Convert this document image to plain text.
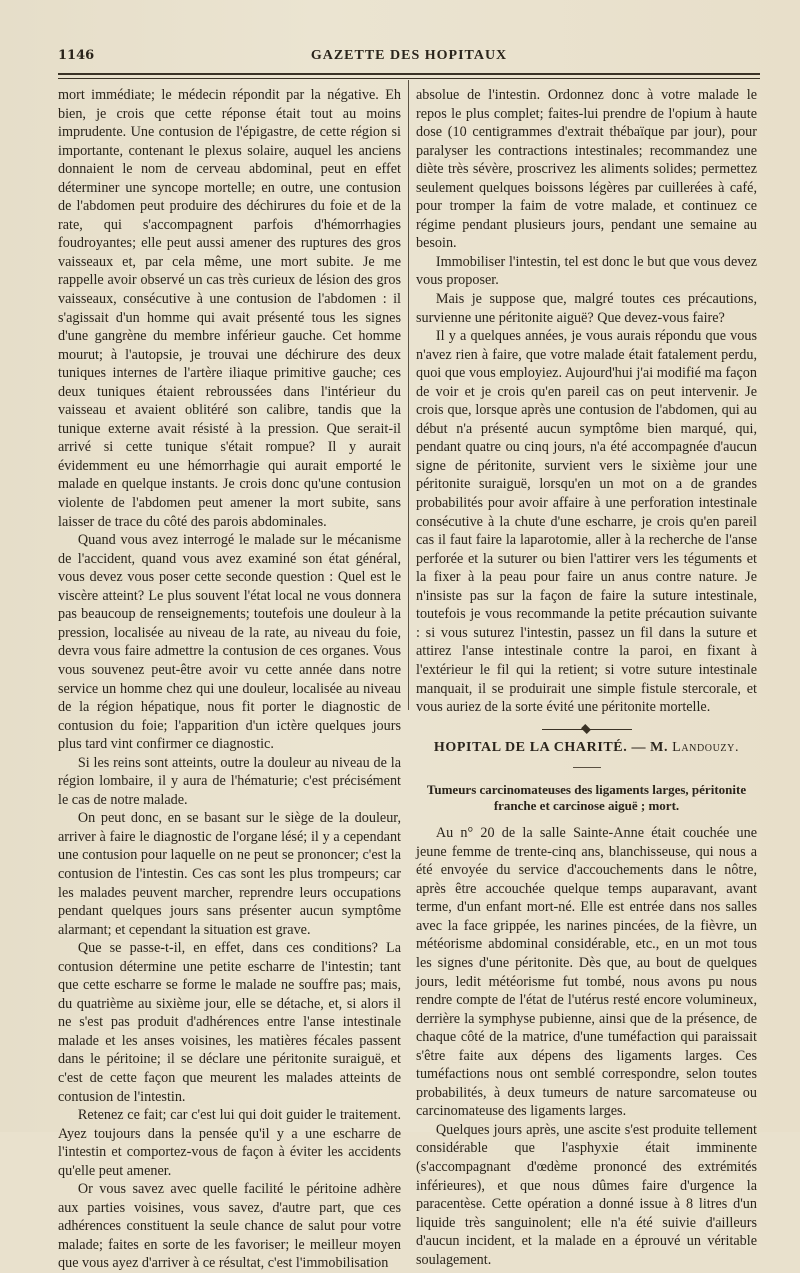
1146	GAZETTE DES HOPITAUX

mort immédiate; le médecin répondit par la négative. Eh bien, je crois que cette réponse était tout au moins imprudente. Une contusion de l'épigastre, de cette région si importante, contenant le plexus solaire, auquel les anciens donnaient le nom de cerveau abdominal, peut en effet déterminer une syncope mortelle; en outre, une contusion de l'abdomen peut produire des déchirures du foie et de la rate, qui s'accompagnent parfois d'hémorrhagies foudroyantes; elle peut aussi amener des ruptures des gros vaisseaux et, par cela même, une mort subite. Je me rappelle avoir observé un cas très curieux de lésion des gros vaisseaux, consécutive à une contusion de l'abdomen : il s'agissait d'un homme qui avait présenté tous les signes d'une gangrène du membre inférieur gauche. Cet homme mourut; à l'autopsie, je trouvai une déchirure des deux tuniques internes de l'artère iliaque primitive gauche; ces deux tuniques étaient rebroussées dans l'intérieur du vaisseau et avaient oblitéré son calibre, tandis que la tunique externe avait résisté à la pression. Que serait-il arrivé si cette tunique s'était rompue? Il y aurait évidemment eu une hémorrhagie qui aurait emporté le malade en quelque instants. Je crois donc qu'une contusion violente de l'abdomen peut amener la mort subite, sans laisser de trace du côté des parois abdominales.

Quand vous avez interrogé le malade sur le mécanisme de l'accident, quand vous avez examiné son état général, vous devez vous poser cette seconde question : Quel est le viscère atteint? Le plus souvent l'état local ne vous donnera pas beaucoup de renseignements; toutefois une douleur à la pression, localisée au niveau de la rate, au niveau du foie, devra vous faire admettre la contusion de ces organes. Vous vous souvenez peut-être avoir vu cette année dans notre service un homme chez qui une douleur, localisée au niveau de la région hépatique, nous fit porter le diagnostic de contusion du foie; l'apparition d'un ictère quelques jours plus tard vint confirmer ce diagnostic.

Si les reins sont atteints, outre la douleur au niveau de la région lombaire, il y aura de l'hématurie; c'est précisément le cas de notre malade.

On peut donc, en se basant sur le siège de la douleur, arriver à faire le diagnostic de l'organe lésé; il y a cependant une contusion pour laquelle on ne peut se prononcer; c'est la contusion de l'intestin. Ces cas sont les plus trompeurs; car les malades peuvent marcher, reprendre leurs occupations pendant quelques jours sans présenter aucun symptôme alarmant; et cependant la situation est grave.

Que se passe-t-il, en effet, dans ces conditions? La contusion détermine une petite escharre de l'intestin; tant que cette escharre se forme le malade ne souffre pas; mais, du quatrième au sixième jour, elle se détache, et, si alors il ne s'est pas produit d'adhérences entre l'anse intestinale malade et les anses voisines, les matières fécales passent dans le péritoine; il se déclare une péritonite suraiguë, et c'est de cette façon que meurent les malades atteints de contusion de l'intestin.

Retenez ce fait; car c'est lui qui doit guider le traitement. Ayez toujours dans la pensée qu'il y a une escharre de l'intestin et comportez-vous de façon à éviter les accidents qu'elle peut amener.

Or vous savez avec quelle facilité le péritoine adhère aux parties voisines, vous savez, d'autre part, que ces adhérences constituent la seule chance de salut pour votre malade; faites en sorte de les favoriser; le meilleur moyen que vous ayez d'arriver à ce résultat, c'est l'immobilisation

absolue de l'intestin. Ordonnez donc à votre malade le repos le plus complet; faites-lui prendre de l'opium à haute dose (10 centigrammes d'extrait thébaïque par jour), pour paralyser les contractions intestinales; recommandez une diète très sévère, proscrivez les aliments solides; permettez seulement quelques boissons légères par cuillerées à café, pour tromper la faim de votre malade, et continuez ce régime pendant plusieurs jours, pendant une semaine au besoin.

Immobiliser l'intestin, tel est donc le but que vous devez vous proposer.

Mais je suppose que, malgré toutes ces précautions, survienne une péritonite aiguë? Que devez-vous faire?

Il y a quelques années, je vous aurais répondu que vous n'avez rien à faire, que votre malade était fatalement perdu, quoi que vous employiez. Aujourd'hui j'ai modifié ma façon de voir et je crois qu'en pareil cas on peut intervenir. Je crois que, lorsque après une contusion de l'abdomen, qui au début n'a présenté aucun symptôme bien marqué, qui, pendant quatre ou cinq jours, n'a été accompagnée d'aucun signe de péritonite, survient vers le sixième jour une péritonite suraiguë, lorsqu'en un mot on a de grandes probabilités pour avoir affaire à une perforation intestinale consécutive à la chute d'une escharre, je crois qu'en pareil cas il faut faire la laparotomie, aller à la recherche de l'anse perforée et la suturer ou bien l'attirer vers les téguments et la fixer à la peau pour faire un anus contre nature. Je n'insiste pas sur la façon de faire la suture intestinale, toutefois je vous recommande la petite précaution suivante : si vous suturez l'intestin, passez un fil dans la suture et attirez l'anse intestinale contre la paroi, en fixant à l'extérieur le fil qui la retient; si votre suture intestinale manquait, il se produirait une simple fistule stercorale, et vous auriez de la sorte évité une péritonite mortelle.

HOPITAL DE LA CHARITÉ. — M. Landouzy.
Tumeurs carcinomateuses des ligaments larges, péritonite franche et carcinose aiguë ; mort.

Au n° 20 de la salle Sainte-Anne était couchée une jeune femme de trente-cinq ans, blanchisseuse, qui nous a été envoyée du service d'accouchements dans le nôtre, après être accouchée quelque temps auparavant, avant terme, d'un enfant mort-né. Elle est entrée dans nos salles avec la face grippée, les narines pincées, de la fièvre, un météorisme abdominal considérable, etc., en un mot tous les signes d'une péritonite. Dès que, au bout de quelques jours, ledit météorisme fut tombé, nous avons pu nous rendre compte de l'état de l'utérus resté encore volumineux, derrière la symphyse pubienne, ainsi que de la présence, de chaque côté de la matrice, d'une tuméfaction qui paraissait s'être faite aux dépens des ligaments larges. Ces tuméfactions nous ont semblé correspondre, selon toutes probabilités, à deux tumeurs de nature sarcomateuse ou carcinomateuse des ligaments larges.

Quelques jours après, une ascite s'est produite tellement considérable que l'asphyxie était imminente (s'accompagnant d'œdème prononcé des extrémités inférieures), et que nous dûmes faire d'urgence la paracentèse. Cette opération a donné issue à 8 litres d'un liquide très sanguinolent; elle n'a été suivie d'ailleurs d'aucun incident, et la malade en a éprouvé un véritable soulagement.
